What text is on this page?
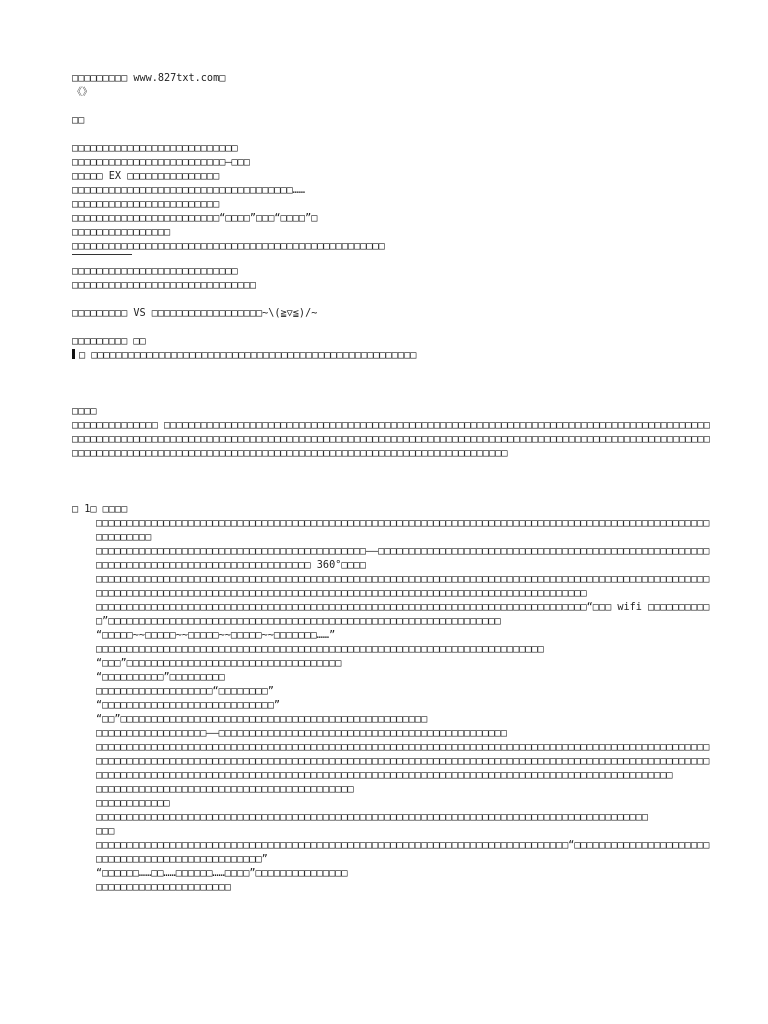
□□□□□□□□□ www.827txt.com□
《》
□□
□□□□□□□□□□□□□□□□□□□□□□□□□□□
□□□□□□□□□□□□□□□□□□□□□□□□□—□□□
□□□□□ EX □□□□□□□□□□□□□□□
□□□□□□□□□□□□□□□□□□□□□□□□□□□□□□□□□□□□……
□□□□□□□□□□□□□□□□□□□□□□□□
□□□□□□□□□□□□□□□□□□□□□□□□“□□□□”□□□“□□□□”□
□□□□□□□□□□□□□□□□
□□□□□□□□□□□□□□□□□□□□□□□□□□□□□□□□□□□□□□□□□□□□□□□□□□□
□□□□□□□□□□□□□□□□□□□□□□□□□□□
□□□□□□□□□□□□□□□□□□□□□□□□□□□□□□
□□□□□□□□□ VS □□□□□□□□□□□□□□□□□□~\(≧▽≦)/~
□□□□□□□□□ □□
□ □□□□□□□□□□□□□□□□□□□□□□□□□□□□□□□□□□□□□□□□□□□□□□□□□□□□□
□□□□
□□□□□□□□□□□□□□ □□□□□□□□□□□□□□□□□□□□□□□□□□□□□□□□□□□□□□□□□□□□□□□□□□□□□□□□□□□□□□□□□□□□□□□□□□□□□□□□□□□□□□□□□□□□□□□□□□□□□□□□□□□□□□□□□□□□□□□□□□□□□□□□□□□□□□□□□□□□□□□□□□□□□□□□□□□□□□□□□□□□□□□□□□□□□□□□□□□□□□□□□□□□□□□□□□□□□□□□□□□□□□□□□□□□□□□□□□□□□□□□□□□□□□□□□□□□□□□□□□□□□□□□□□□□□□□□□□□□□□□□
□ 1□ □□□□
□□□□□□□□□□□□□□□□□□□□□□□□□□□□□□□□□□□□□□□□□□□□□□□□□□□□□□□□□□□□□□□□□□□□□□□□□□□□□□□□□□□□□□□□□□□□□□□□□□□□□□□□□□□□□
□□□□□□□□□□□□□□□□□□□□□□□□□□□□□□□□□□□□□□□□□□□□——□□□□□□□□□□□□□□□□□□□□□□□□□□□□□□□□□□□□□□□□□□□□□□□□□□□□□□□□□□□□□□□□□□□□□□□□□□□□□□□□□□□□□□□□□ 360°□□□□
□□□□□□□□□□□□□□□□□□□□□□□□□□□□□□□□□□□□□□□□□□□□□□□□□□□□□□□□□□□□□□□□□□□□□□□□□□□□□□□□□□□□□□□□□□□□□□□□□□□□□□□□□□□□□□□□□□□□□□□□□□□□□□□□□□□□□□□□□□□□□□□□□□□□□□□□□□□□□□□□□□□□□□□□□□□□□□□□□□□□
□□□□□□□□□□□□□□□□□□□□□□□□□□□□□□□□□□□□□□□□□□□□□□□□□□□□□□□□□□□□□□□□□□□□□□□□□□□□□□□□“□□□ wifi □□□□□□□□□□□”□□□□□□□□□□□□□□□□□□□□□□□□□□□□□□□□□□□□□□□□□□□□□□□□□□□□□□□□□□□□□□□□
“□□□□□~~□□□□□~~□□□□□~~□□□□□~~□□□□□□□……”
□□□□□□□□□□□□□□□□□□□□□□□□□□□□□□□□□□□□□□□□□□□□□□□□□□□□□□□□□□□□□□□□□□□□□□□□□
“□□□”□□□□□□□□□□□□□□□□□□□□□□□□□□□□□□□□□□□
“□□□□□□□□□□”□□□□□□□□□
□□□□□□□□□□□□□□□□□□□“□□□□□□□□”
“□□□□□□□□□□□□□□□□□□□□□□□□□□□□”
“□□”□□□□□□□□□□□□□□□□□□□□□□□□□□□□□□□□□□□□□□□□□□□□□□□□□□
□□□□□□□□□□□□□□□□□□——□□□□□□□□□□□□□□□□□□□□□□□□□□□□□□□□□□□□□□□□□□□□□□□
□□□□□□□□□□□□□□□□□□□□□□□□□□□□□□□□□□□□□□□□□□□□□□□□□□□□□□□□□□□□□□□□□□□□□□□□□□□□□□□□□□□□□□□□□□□□□□□□□□□□□□□□□□□□□□□□□□□□□□□□□□□□□□□□□□□□□□□□□□□□□□□□□□□□□□□□□□□□□□□□□□□□□□□□□□□□□□□□□□□□□□□□□□□□□□□□□□□□□□□□□□□□□□□□□□□□□□□□□□□□□□□□□□□□□□□□□□□□□□□□□□□□□□□□□□□□□□□□□□□□□□□□□□□□□□□□□□□□□□□□□□□□□□□□□□□□□□
□□□□□□□□□□□□□□□□□□□□□□□□□□□□□□□□□□□□□□□□□□
□□□□□□□□□□□□
□□□□□□□□□□□□□□□□□□□□□□□□□□□□□□□□□□□□□□□□□□□□□□□□□□□□□□□□□□□□□□□□□□□□□□□□□□□□□□□□□□□□□□□□□□
□□□
□□□□□□□□□□□□□□□□□□□□□□□□□□□□□□□□□□□□□□□□□□□□□□□□□□□□□□□□□□□□□□□□□□□□□□□□□□□□□“□□□□□□□□□□□□□□□□□□□□□□□□□□□□□□□□□□□□□□□□□□□□□□□□□”
“□□□□□□……□□……□□□□□□……□□□□”□□□□□□□□□□□□□□□
□□□□□□□□□□□□□□□□□□□□□□
